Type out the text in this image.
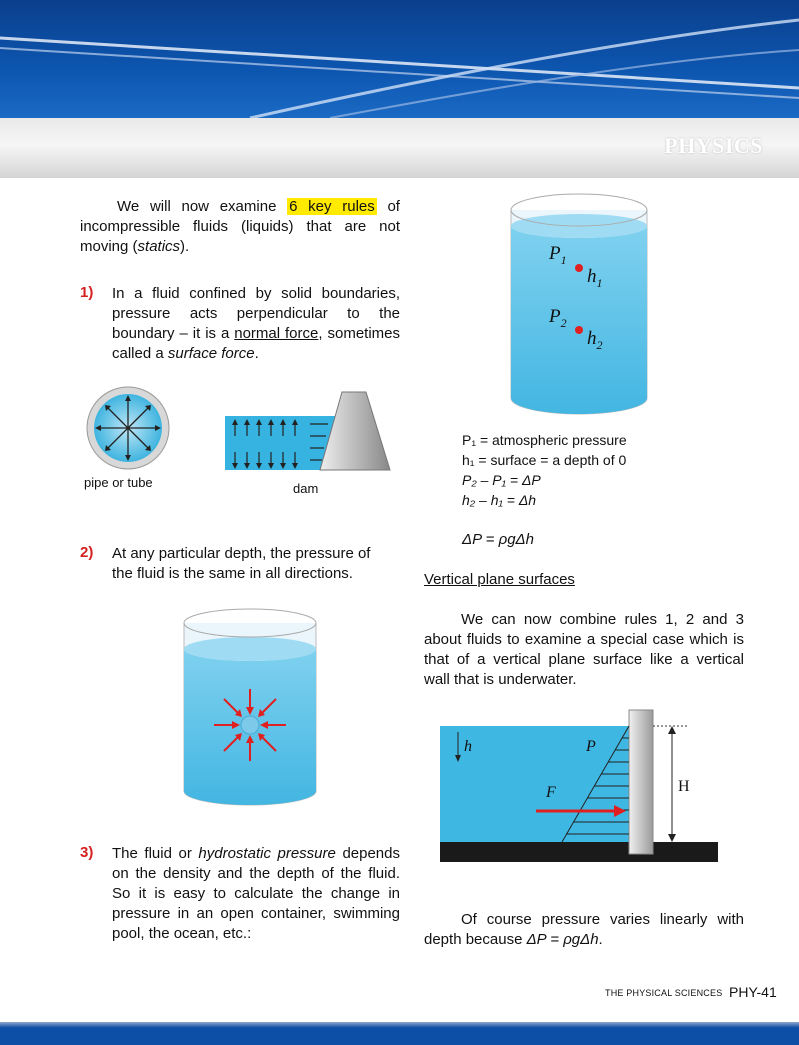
PHYSICS
We will now examine 6 key rules of incompressible fluids (liquids) that are not moving (statics).
1) In a fluid confined by solid boundaries, pressure acts perpendicular to the boundary – it is a normal force, sometimes called a surface force.
pipe or tube	dam
2) At any particular depth, the pressure of the fluid is the same in all directions.
3) The fluid or hydrostatic pressure depends on the density and the depth of the fluid. So it is easy to calculate the change in pressure in an open container, swimming pool, the ocean, etc.:
$P_1$
$h_1$
$P_2$
$h_2$
P₁ = atmospheric pressure
h₁ = surface = a depth of 0
P₂ – P₁ = ΔP
h₂ – h₁ = Δh
ΔP = ρgΔh
Vertical plane surfaces
We can now combine rules 1, 2 and 3 about fluids to examine a special case which is that of a vertical plane surface like a vertical wall that is underwater.
h	P
F	H
Of course pressure varies linearly with depth because ΔP = ρgΔh.
THE PHYSICAL SCIENCES PHY-41
